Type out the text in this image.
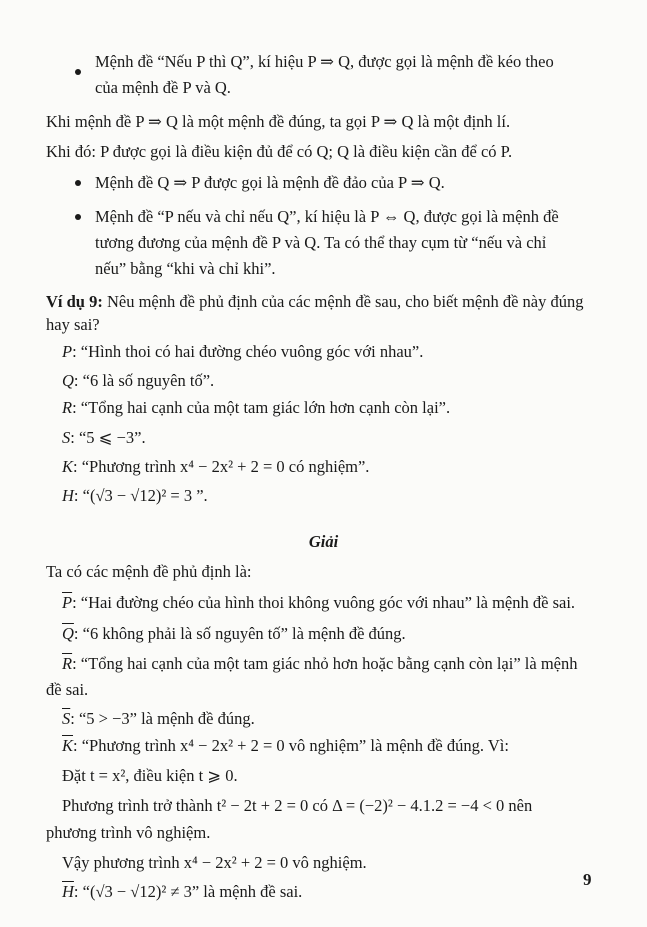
Mệnh đề “Nếu P thì Q”, kí hiệu P ⇒ Q, được gọi là mệnh đề kéo theo
của mệnh đề P và Q.
Khi mệnh đề P ⇒ Q là một mệnh đề đúng, ta gọi P ⇒ Q là một định lí.
Khi đó: P được gọi là điều kiện đủ để có Q; Q là điều kiện cần để có P.
Mệnh đề Q ⇒ P được gọi là mệnh đề đảo của P ⇒ Q.
Mệnh đề “P nếu và chỉ nếu Q”, kí hiệu là P ⇔ Q, được gọi là mệnh đề
tương đương của mệnh đề P và Q. Ta có thể thay cụm từ “nếu và chỉ
nếu” bằng “khi và chỉ khi”.
Ví dụ 9: Nêu mệnh đề phủ định của các mệnh đề sau, cho biết mệnh đề này đúng
hay sai?
P: “Hình thoi có hai đường chéo vuông góc với nhau”.
Q: “6 là số nguyên tố”.
R: “Tổng hai cạnh của một tam giác lớn hơn cạnh còn lại”.
S: “5 ⩽ −3”.
K: “Phương trình x⁴ − 2x² + 2 = 0 có nghiệm”.
H: “(√3 − √12)² = 3 ”.
Giải
Ta có các mệnh đề phủ định là:
$\overline{P}$: “Hai đường chéo của hình thoi không vuông góc với nhau” là mệnh đề sai.
$\overline{Q}$: “6 không phải là số nguyên tố” là mệnh đề đúng.
$\overline{R}$: “Tổng hai cạnh của một tam giác nhỏ hơn hoặc bằng cạnh còn lại” là mệnh
đề sai.
$\overline{S}$: “5 > −3” là mệnh đề đúng.
$\overline{K}$: “Phương trình x⁴ − 2x² + 2 = 0 vô nghiệm” là mệnh đề đúng. Vì:
Đặt t = x², điều kiện t ⩾ 0.
Phương trình trở thành t² − 2t + 2 = 0 có Δ = (−2)² − 4.1.2 = −4 < 0 nên
phương trình vô nghiệm.
Vậy phương trình x⁴ − 2x² + 2 = 0 vô nghiệm.
$\overline{H}$: “(√3 − √12)² ≠ 3” là mệnh đề sai.
9
